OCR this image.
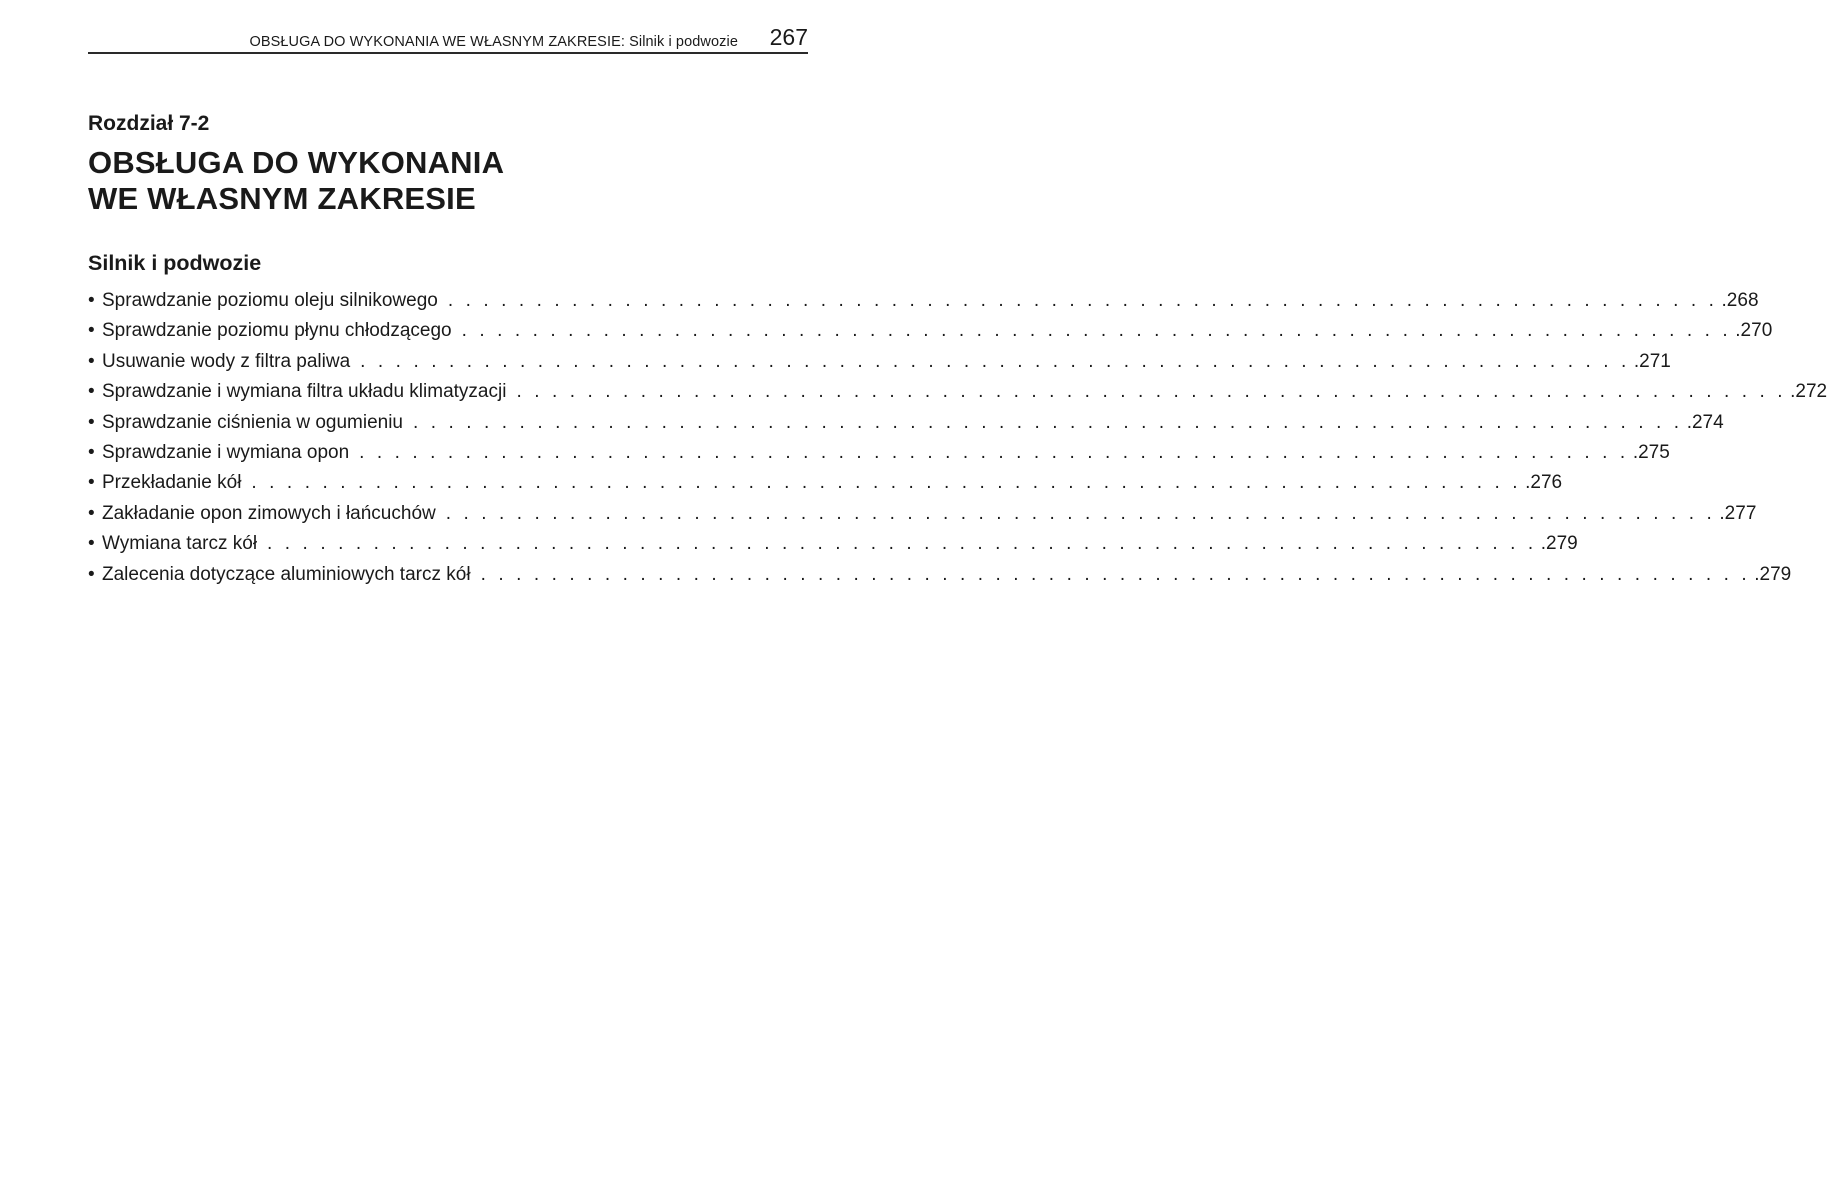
OBSŁUGA DO WYKONANIA WE WŁASNYM ZAKRESIE: Silnik i podwozie 267
Rozdział 7-2
OBSŁUGA DO WYKONANIA
WE WŁASNYM ZAKRESIE
Silnik i podwozie
• Sprawdzanie poziomu oleju silnikowego . . . . . . . . . . . . . . . . . . . . . . . . . . . . . . . . . . . . . . . . . . . . . . . . . . . . . . . . . . . . . . . . . . . . . . . . .268
• Sprawdzanie poziomu płynu chłodzącego . . . . . . . . . . . . . . . . . . . . . . . . . . . . . . . . . . . . . . . . . . . . . . . . . . . . . . . . . . . . . . . . . . . . . . . . .270
• Usuwanie wody z filtra paliwa . . . . . . . . . . . . . . . . . . . . . . . . . . . . . . . . . . . . . . . . . . . . . . . . . . . . . . . . . . . . . . . . . . . . . . . . .271
• Sprawdzanie i wymiana filtra układu klimatyzacji . . . . . . . . . . . . . . . . . . . . . . . . . . . . . . . . . . . . . . . . . . . . . . . . . . . . . . . . . . . . . . . . . . . . . . . . .272
• Sprawdzanie ciśnienia w ogumieniu . . . . . . . . . . . . . . . . . . . . . . . . . . . . . . . . . . . . . . . . . . . . . . . . . . . . . . . . . . . . . . . . . . . . . . . . .274
• Sprawdzanie i wymiana opon . . . . . . . . . . . . . . . . . . . . . . . . . . . . . . . . . . . . . . . . . . . . . . . . . . . . . . . . . . . . . . . . . . . . . . . . .275
• Przekładanie kół . . . . . . . . . . . . . . . . . . . . . . . . . . . . . . . . . . . . . . . . . . . . . . . . . . . . . . . . . . . . . . . . . . . . . . . . .276
• Zakładanie opon zimowych i łańcuchów . . . . . . . . . . . . . . . . . . . . . . . . . . . . . . . . . . . . . . . . . . . . . . . . . . . . . . . . . . . . . . . . . . . . . . . . .277
• Wymiana tarcz kół . . . . . . . . . . . . . . . . . . . . . . . . . . . . . . . . . . . . . . . . . . . . . . . . . . . . . . . . . . . . . . . . . . . . . . . . .279
• Zalecenia dotyczące aluminiowych tarcz kół . . . . . . . . . . . . . . . . . . . . . . . . . . . . . . . . . . . . . . . . . . . . . . . . . . . . . . . . . . . . . . . . . . . . . . . . .279
